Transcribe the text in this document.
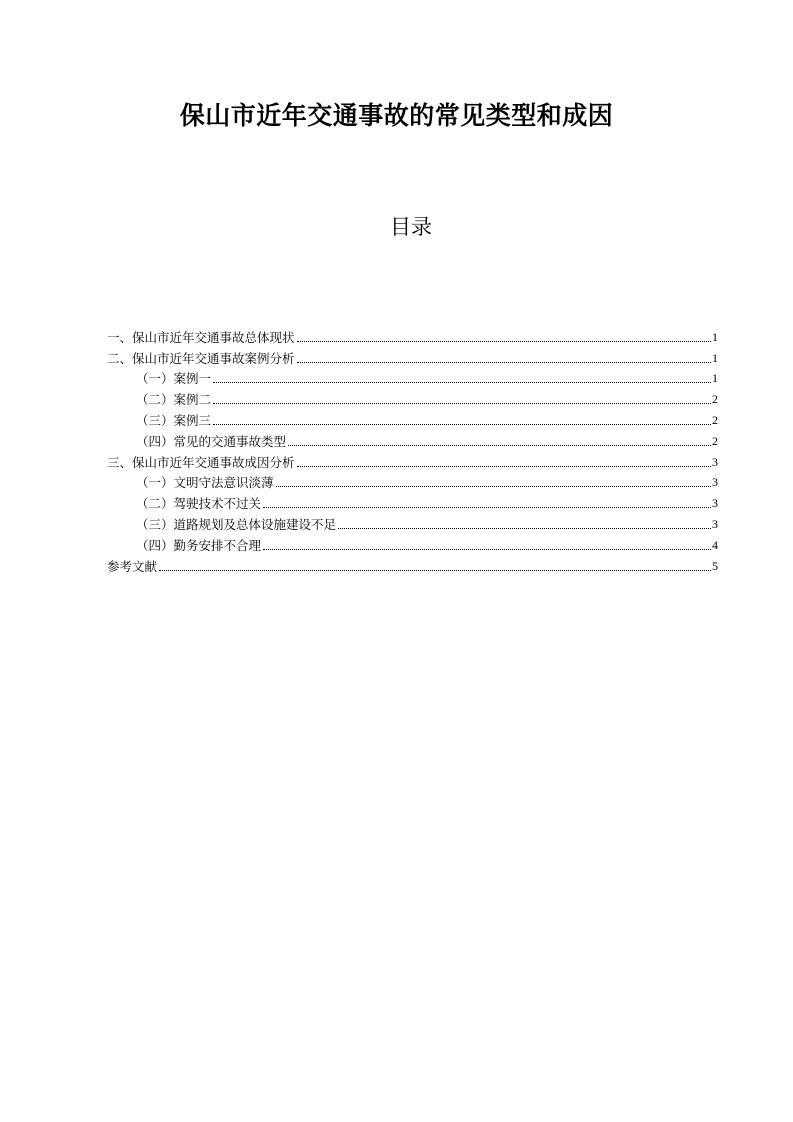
保山市近年交通事故的常见类型和成因
目录
一、保山市近年交通事故总体现状	1
二、保山市近年交通事故案例分析	1
（一）案例一	1
（二）案例二	2
（三）案例三	2
（四）常见的交通事故类型	2
三、保山市近年交通事故成因分析	3
（一）文明守法意识淡薄	3
（二）驾驶技术不过关	3
（三）道路规划及总体设施建设不足	3
（四）勤务安排不合理	4
参考文献	5
